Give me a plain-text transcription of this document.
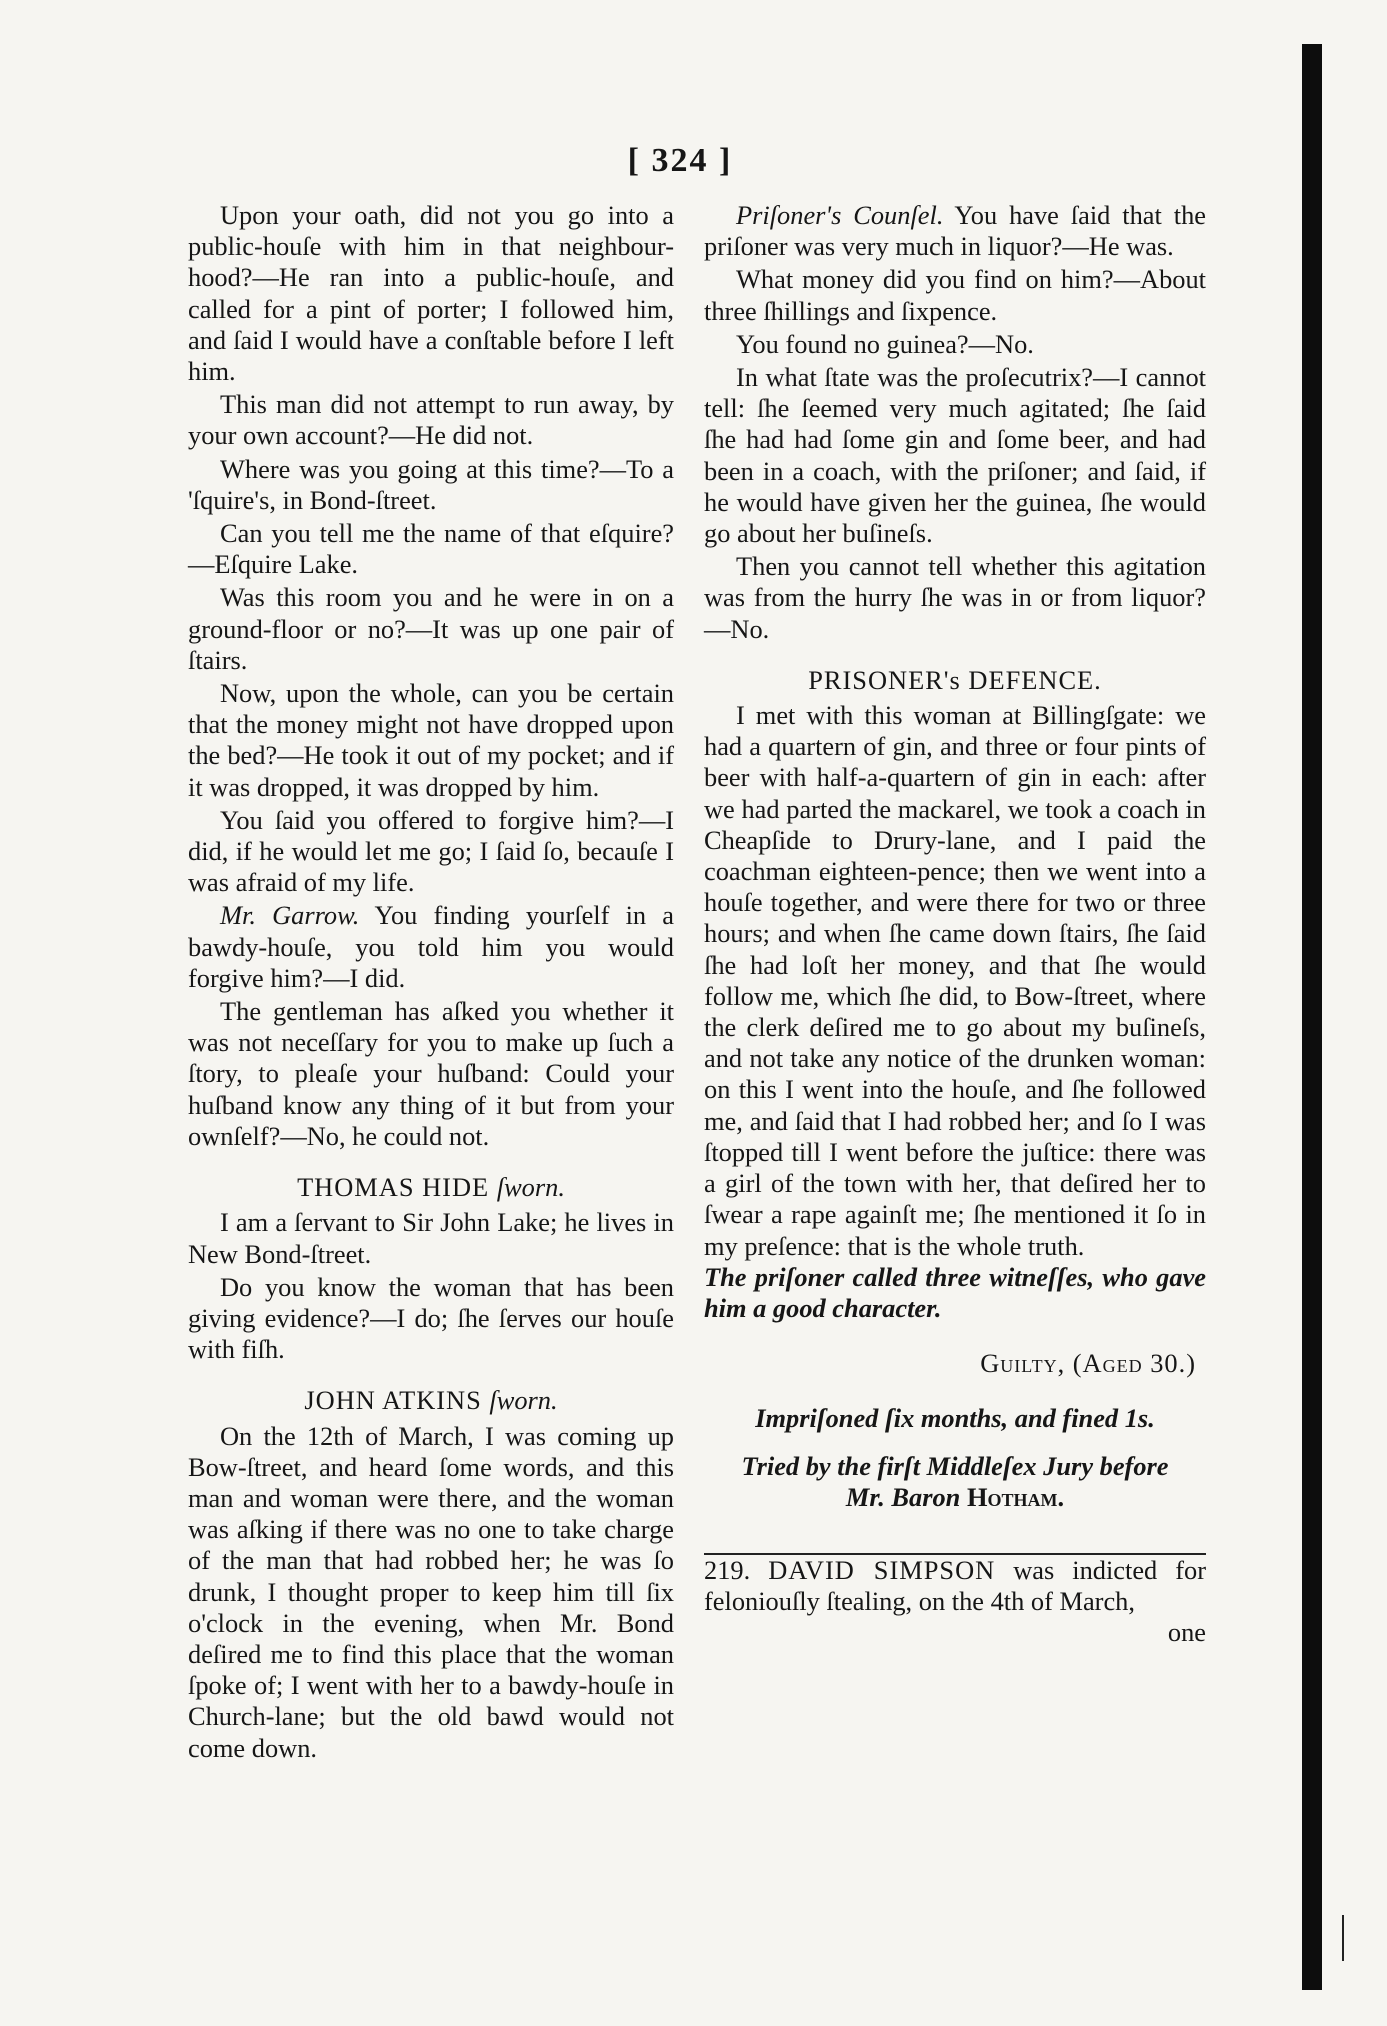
[ 324 ]

Upon your oath, did not you go into a public-houſe with him in that neighbour-hood?—He ran into a public-houſe, and called for a pint of porter; I followed him, and ſaid I would have a conſtable before I left him.

This man did not attempt to run away, by your own account?—He did not.

Where was you going at this time?—To a 'ſquire's, in Bond-ſtreet.

Can you tell me the name of that eſquire?—Eſquire Lake.

Was this room you and he were in on a ground-floor or no?—It was up one pair of ſtairs.

Now, upon the whole, can you be certain that the money might not have dropped upon the bed?—He took it out of my pocket; and if it was dropped, it was dropped by him.

You ſaid you offered to forgive him?—I did, if he would let me go; I ſaid ſo, becauſe I was afraid of my life.

Mr. Garrow. You finding yourſelf in a bawdy-houſe, you told him you would forgive him?—I did.

The gentleman has aſked you whether it was not neceſſary for you to make up ſuch a ſtory, to pleaſe your huſband: Could your huſband know any thing of it but from your ownſelf?—No, he could not.

THOMAS HIDE ſworn.

I am a ſervant to Sir John Lake; he lives in New Bond-ſtreet.

Do you know the woman that has been giving evidence?—I do; ſhe ſerves our houſe with fiſh.

JOHN ATKINS ſworn.

On the 12th of March, I was coming up Bow-ſtreet, and heard ſome words, and this man and woman were there, and the woman was aſking if there was no one to take charge of the man that had robbed her; he was ſo drunk, I thought proper to keep him till ſix o'clock in the evening, when Mr. Bond deſired me to find this place that the woman ſpoke of; I went with her to a bawdy-houſe in Church-lane; but the old bawd would not come down.

Priſoner's Counſel. You have ſaid that the priſoner was very much in liquor?—He was.

What money did you find on him?—About three ſhillings and ſixpence.

You found no guinea?—No.

In what ſtate was the proſecutrix?—I cannot tell: ſhe ſeemed very much agitated; ſhe ſaid ſhe had had ſome gin and ſome beer, and had been in a coach, with the priſoner; and ſaid, if he would have given her the guinea, ſhe would go about her buſineſs.

Then you cannot tell whether this agitation was from the hurry ſhe was in or from liquor?—No.

PRISONER's DEFENCE.

I met with this woman at Billingſgate: we had a quartern of gin, and three or four pints of beer with half-a-quartern of gin in each: after we had parted the mackarel, we took a coach in Cheapſide to Drury-lane, and I paid the coachman eighteen-pence; then we went into a houſe together, and were there for two or three hours; and when ſhe came down ſtairs, ſhe ſaid ſhe had loſt her money, and that ſhe would follow me, which ſhe did, to Bow-ſtreet, where the clerk deſired me to go about my buſineſs, and not take any notice of the drunken woman: on this I went into the houſe, and ſhe followed me, and ſaid that I had robbed her; and ſo I was ſtopped till I went before the juſtice: there was a girl of the town with her, that deſired her to ſwear a rape againſt me; ſhe mentioned it ſo in my preſence: that is the whole truth.

The priſoner called three witneſſes, who gave him a good character.

Guilty, (Aged 30.)
Impriſoned ſix months, and fined 1s.
Tried by the firſt Middleſex Jury before
Mr. Baron Hotham.

219. DAVID SIMPSON was indicted for feloniouſly ſtealing, on the 4th of March,

one
